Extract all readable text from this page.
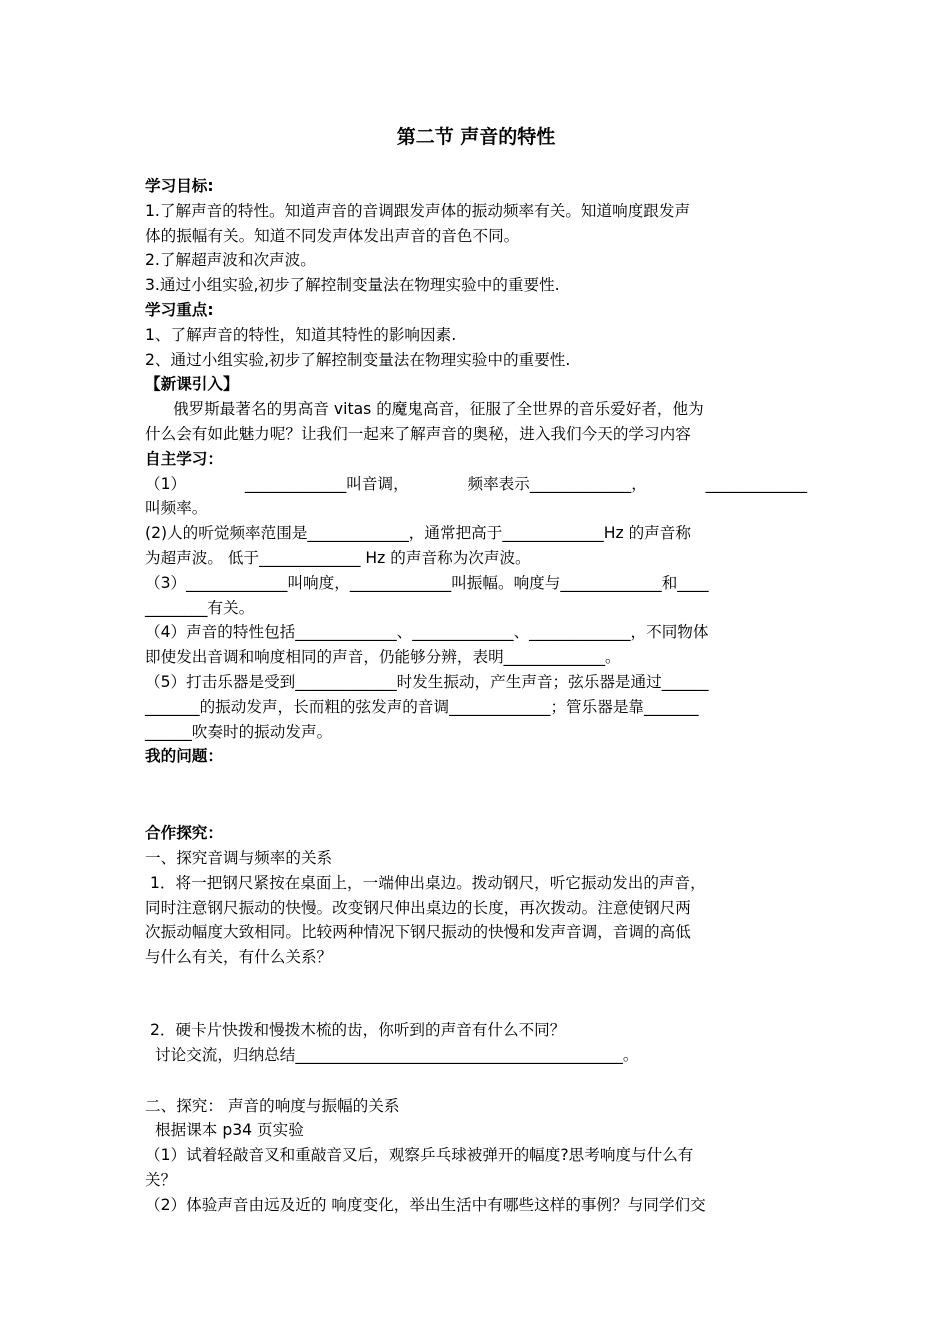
第二节 声音的特性
学习目标:
1.了解声音的特性。知道声音的音调跟发声体的振动频率有关。知道响度跟发声
体的振幅有关。知道不同发声体发出声音的音色不同。
2.了解超声波和次声波。
3.通过小组实验,初步了解控制变量法在物理实验中的重要性.
学习重点:
1、了解声音的特性，知道其特性的影响因素.
2、通过小组实验,初步了解控制变量法在物理实验中的重要性.
【新课引入】
俄罗斯最著名的男高音 vitas 的魔鬼高音，征服了全世界的音乐爱好者，他为
什么会有如此魅力呢？让我们一起来了解声音的奥秘，进入我们今天的学习内容
自主学习：
（1）	_____________叫音调，	频率表示_____________，	_____________
叫频率。
(2)人的听觉频率范围是_____________，通常把高于_____________Hz 的声音称
为超声波。 低于_____________ Hz 的声音称为次声波。
（3）_____________叫响度，_____________叫振幅。响度与_____________和____
________有关。
（4）声音的特性包括_____________、_____________、_____________，不同物体
即使发出音调和响度相同的声音，仍能够分辨，表明_____________。
（5）打击乐器是受到_____________时发生振动，产生声音；弦乐器是通过______
_______的振动发声，长而粗的弦发声的音调_____________；管乐器是靠_______
______吹奏时的振动发声。
我的问题：
合作探究：
一、探究音调与频率的关系
1．将一把钢尺紧按在桌面上，一端伸出桌边。拨动钢尺，听它振动发出的声音，
同时注意钢尺振动的快慢。改变钢尺伸出桌边的长度，再次拨动。注意使钢尺两
次振动幅度大致相同。比较两种情况下钢尺振动的快慢和发声音调，音调的高低
与什么有关，有什么关系？
2．硬卡片快拨和慢拨木梳的齿，你听到的声音有什么不同？
讨论交流，归纳总结__________________________________________。
二、探究： 声音的响度与振幅的关系
根据课本 p34 页实验
（1）试着轻敲音叉和重敲音叉后，观察乒乓球被弹开的幅度?思考响度与什么有
关？
（2）体验声音由远及近的 响度变化，举出生活中有哪些这样的事例？与同学们交
